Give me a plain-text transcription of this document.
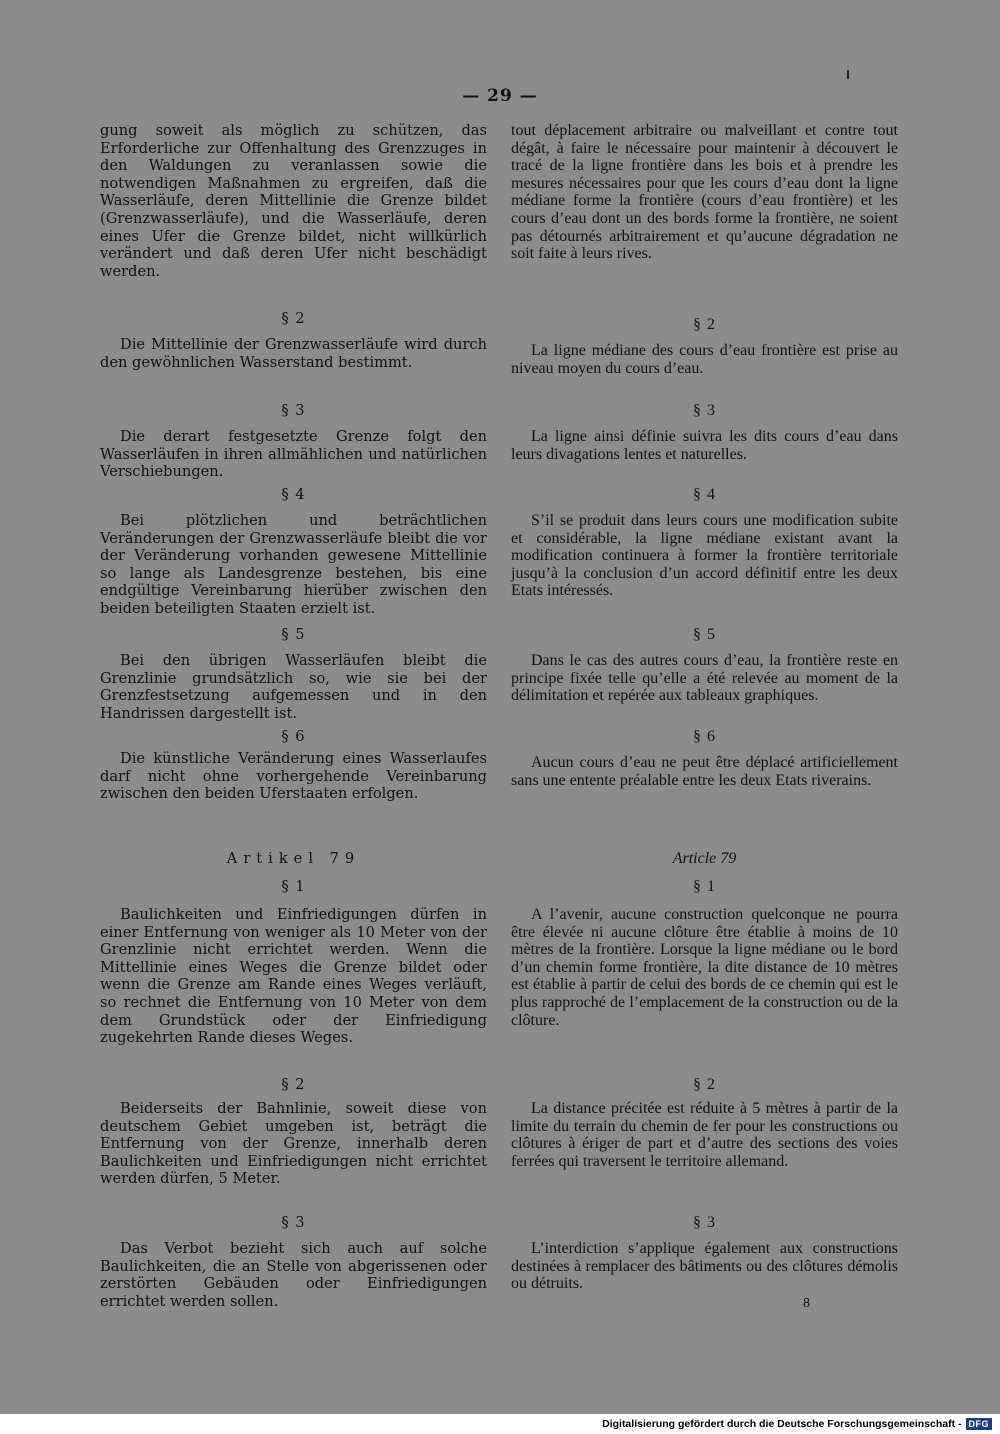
— 29 —
gung soweit als möglich zu schützen, das Erforderliche zur Offenhaltung des Grenzzuges in den Waldungen zu veranlassen sowie die notwendigen Maßnahmen zu ergreifen, daß die Wasserläufe, deren Mittellinie die Grenze bildet (Grenzwasserläufe), und die Wasserläufe, deren eines Ufer die Grenze bildet, nicht willkürlich verändert und daß deren Ufer nicht beschädigt werden.
§ 2
Die Mittellinie der Grenzwasserläufe wird durch den gewöhnlichen Wasserstand bestimmt.
§ 3
Die derart festgesetzte Grenze folgt den Wasserläufen in ihren allmählichen und natürlichen Verschiebungen.
§ 4
Bei plötzlichen und beträchtlichen Veränderungen der Grenzwasserläufe bleibt die vor der Veränderung vorhanden gewesene Mittellinie so lange als Landesgrenze bestehen, bis eine endgültige Vereinbarung hierüber zwischen den beiden beteiligten Staaten erzielt ist.
§ 5
Bei den übrigen Wasserläufen bleibt die Grenzlinie grundsätzlich so, wie sie bei der Grenzfestsetzung aufgemessen und in den Handrissen dargestellt ist.
§ 6
Die künstliche Veränderung eines Wasserlaufes darf nicht ohne vorhergehende Vereinbarung zwischen den beiden Uferstaaten erfolgen.
Artikel 79
§ 1
Baulichkeiten und Einfriedigungen dürfen in einer Entfernung von weniger als 10 Meter von der Grenzlinie nicht errichtet werden. Wenn die Mittellinie eines Weges die Grenze bildet oder wenn die Grenze am Rande eines Weges verläuft, so rechnet die Entfernung von 10 Meter von dem dem Grundstück oder der Einfriedigung zugekehrten Rande dieses Weges.
§ 2
Beiderseits der Bahnlinie, soweit diese von deutschem Gebiet umgeben ist, beträgt die Entfernung von der Grenze, innerhalb deren Baulichkeiten und Einfriedigungen nicht errichtet werden dürfen, 5 Meter.
§ 3
Das Verbot bezieht sich auch auf solche Baulichkeiten, die an Stelle von abgerissenen oder zerstörten Gebäuden oder Einfriedigungen errichtet werden sollen.
tout déplacement arbitraire ou malveillant et contre tout dégât, à faire le nécessaire pour maintenir à découvert le tracé de la ligne frontière dans les bois et à prendre les mesures nécessaires pour que les cours d’eau dont la ligne médiane forme la frontière (cours d’eau frontière) et les cours d’eau dont un des bords forme la frontière, ne soient pas détournés arbitrairement et qu’aucune dégradation ne soit faite à leurs rives.
§ 2
La ligne médiane des cours d’eau frontière est prise au niveau moyen du cours d’eau.
§ 3
La ligne ainsi définie suivra les dits cours d’eau dans leurs divagations lentes et naturelles.
§ 4
S’il se produit dans leurs cours une modification subite et considérable, la ligne médiane existant avant la modification continuera à former la frontière territoriale jusqu’à la conclusion d’un accord définitif entre les deux Etats intéressés.
§ 5
Dans le cas des autres cours d’eau, la frontière reste en principe fixée telle qu’elle a été relevée au moment de la délimitation et repérée aux tableaux graphiques.
§ 6
Aucun cours d’eau ne peut être déplacé artificiellement sans une entente préalable entre les deux Etats riverains.
Article 79
§ 1
A l’avenir, aucune construction quelconque ne pourra être élevée ni aucune clôture être établie à moins de 10 mètres de la frontière. Lorsque la ligne médiane ou le bord d’un chemin forme frontière, la dite distance de 10 mètres est établie à partir de celui des bords de ce chemin qui est le plus rapproché de l’emplacement de la construction ou de la clôture.
§ 2
La distance précitée est réduite à 5 mètres à partir de la limite du terrain du chemin de fer pour les constructions ou clôtures à ériger de part et d’autre des sections des voies ferrées qui traversent le territoire allemand.
§ 3
L’interdiction s’applique également aux constructions destinées à remplacer des bâtiments ou des clôtures démolis ou détruits.
8
Digitalisierung gefördert durch die Deutsche Forschungsgemeinschaft - DFG
